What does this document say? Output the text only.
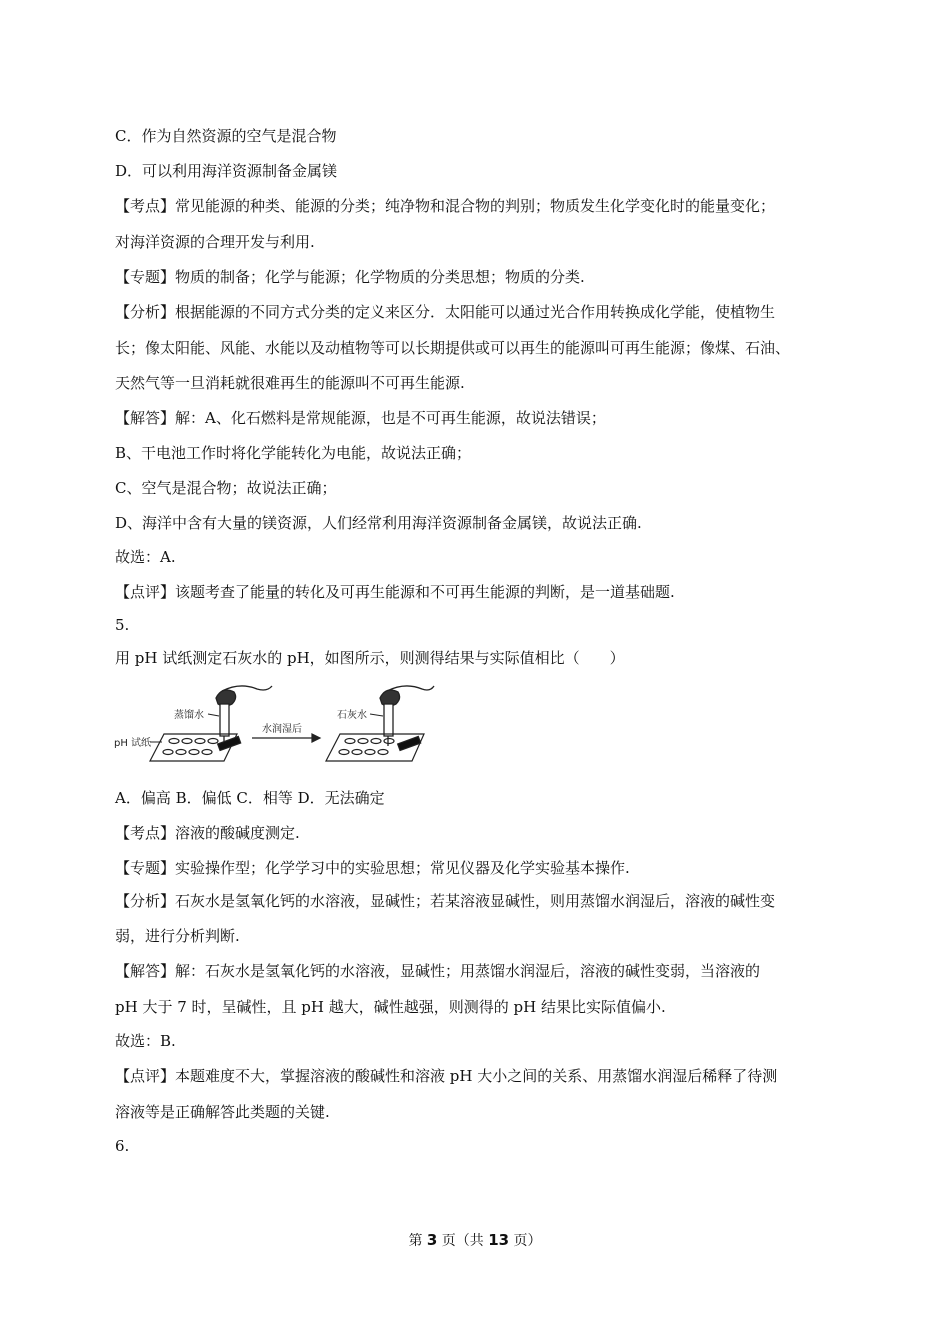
C．作为自然资源的空气是混合物
D．可以利用海洋资源制备金属镁
【考点】常见能源的种类、能源的分类；纯净物和混合物的判别；物质发生化学变化时的能量变化；
对海洋资源的合理开发与利用.
【专题】物质的制备；化学与能源；化学物质的分类思想；物质的分类.
【分析】根据能源的不同方式分类的定义来区分．太阳能可以通过光合作用转换成化学能，使植物生
长；像太阳能、风能、水能以及动植物等可以长期提供或可以再生的能源叫可再生能源；像煤、石油、
天然气等一旦消耗就很难再生的能源叫不可再生能源.
【解答】解：A、化石燃料是常规能源，也是不可再生能源，故说法错误；
B、干电池工作时将化学能转化为电能，故说法正确；
C、空气是混合物；故说法正确；
D、海洋中含有大量的镁资源，人们经常利用海洋资源制备金属镁，故说法正确.
故选：A.
【点评】该题考查了能量的转化及可再生能源和不可再生能源的判断，是一道基础题.
5.
用 pH 试纸测定石灰水的 pH，如图所示，则测得结果与实际值相比（　　）
蒸馏水
pH 试纸
水润湿后
石灰水
A．偏高 B．偏低 C．相等 D．无法确定
【考点】溶液的酸碱度测定.
【专题】实验操作型；化学学习中的实验思想；常见仪器及化学实验基本操作.
【分析】石灰水是氢氧化钙的水溶液，显碱性；若某溶液显碱性，则用蒸馏水润湿后，溶液的碱性变
弱，进行分析判断.
【解答】解：石灰水是氢氧化钙的水溶液，显碱性；用蒸馏水润湿后，溶液的碱性变弱，当溶液的
pH 大于 7 时，呈碱性，且 pH 越大，碱性越强，则测得的 pH 结果比实际值偏小.
故选：B.
【点评】本题难度不大，掌握溶液的酸碱性和溶液 pH 大小之间的关系、用蒸馏水润湿后稀释了待测
溶液等是正确解答此类题的关键.
6.
第 3 页（共 13 页）
